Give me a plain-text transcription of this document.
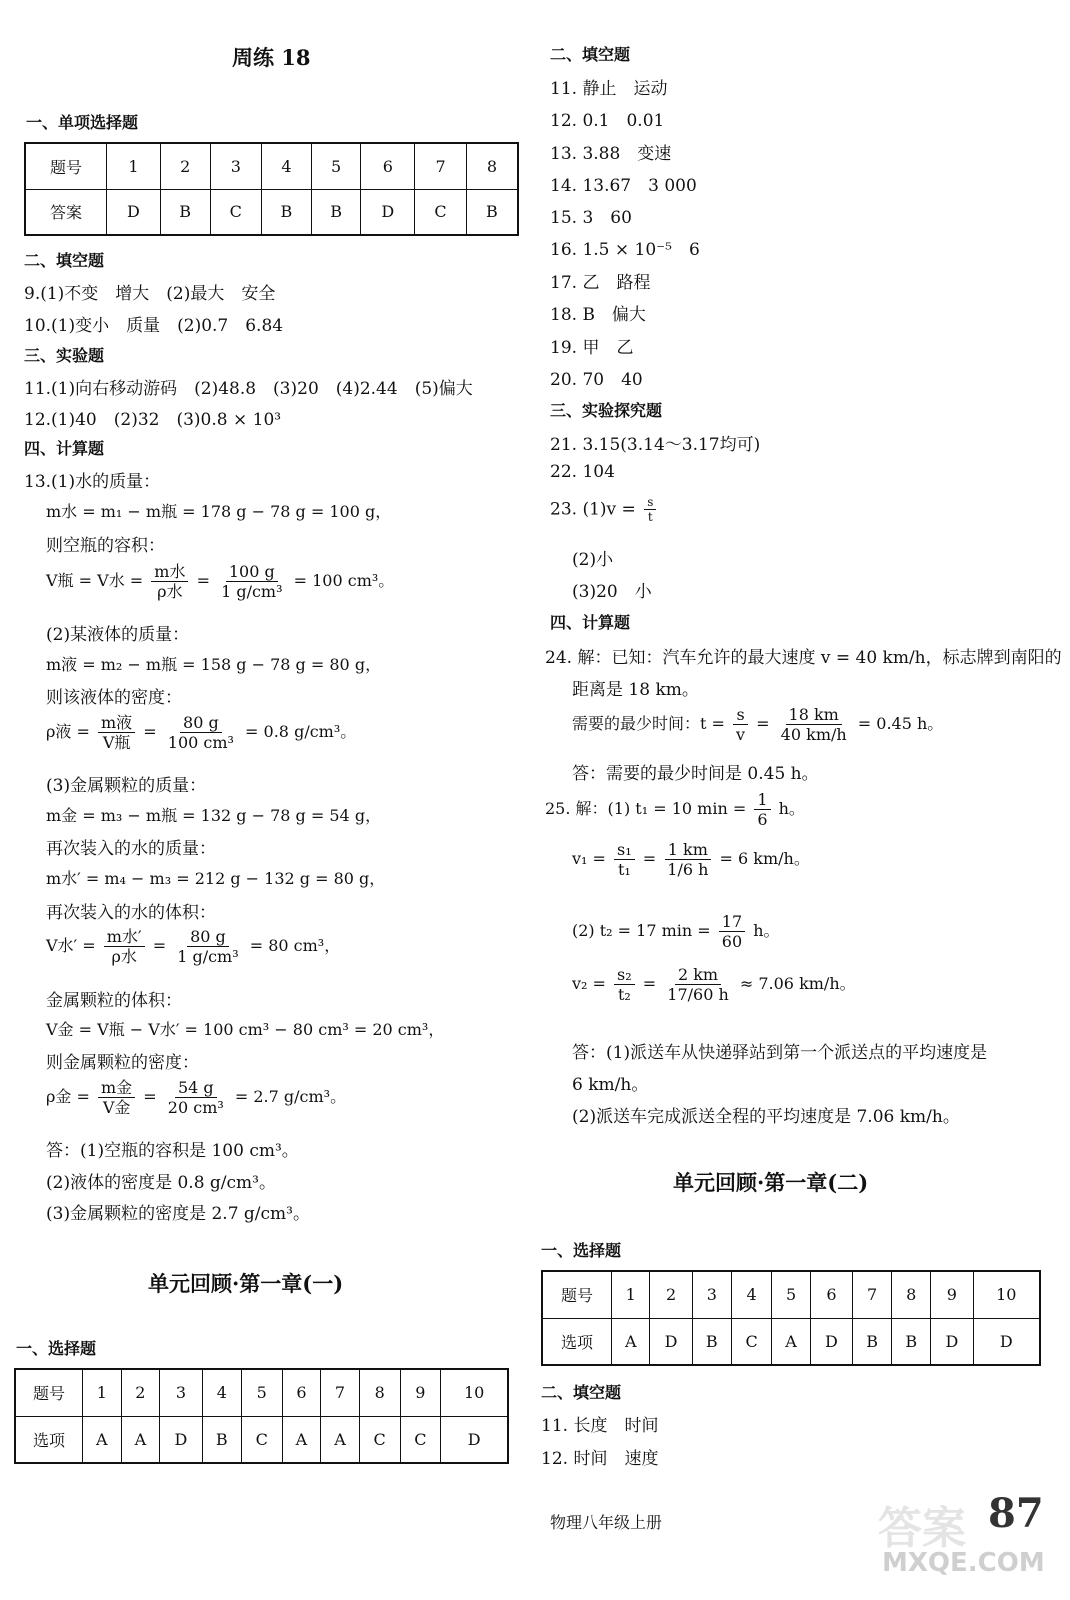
周练 18
一、单项选择题
题号	1	2	3	4	5	6	7	8
答案	D	B	C	B	B	D	C	B
二、填空题
9.(1)不变　增大　(2)最大　安全
10.(1)变小　质量　(2)0.7　6.84
三、实验题
11.(1)向右移动游码　(2)48.8　(3)20　(4)2.44　(5)偏大
12.(1)40　(2)32　(3)0.8 × 10³
四、计算题
13.(1)水的质量：
m水 = m₁ − m瓶 = 178 g − 78 g = 100 g，
则空瓶的容积：
V瓶 = V水 = $\frac{\text{m水}}{\text{ρ水}} = \frac{100 g}{\text{1 g/cm³}} = 100$ cm³。
(2)某液体的质量：
m液 = m₂ − m瓶 = 158 g − 78 g = 80 g，
则该液体的密度：
ρ液 = $\frac{\text{m液}}{\text{V瓶}} = \frac{80 g}{\text{100 cm³}} = 0.8$ g/cm³。
(3)金属颗粒的质量：
m金 = m₃ − m瓶 = 132 g − 78 g = 54 g，
再次装入的水的质量：
m水′ = m₄ − m₃ = 212 g − 132 g = 80 g，
再次装入的水的体积：
V水′ = $\frac{\text{m水′}}{\text{ρ水}} = \frac{80 g}{\text{1 g/cm³}} = 80$ cm³，
金属颗粒的体积：
V金 = V瓶 − V水′ = 100 cm³ − 80 cm³ = 20 cm³，
则金属颗粒的密度：
ρ金 = $\frac{\text{m金}}{\text{V金}} = \frac{54 g}{\text{20 cm³}} = 2.7$ g/cm³。
答：(1)空瓶的容积是 100 cm³。
(2)液体的密度是 0.8 g/cm³。
(3)金属颗粒的密度是 2.7 g/cm³。
单元回顾·第一章(一)
一、选择题
题号	1	2	3	4	5	6	7	8	9	10
选项	A	A	D	B	C	A	A	C	C	D
二、填空题
11. 静止　运动
12. 0.1　0.01
13. 3.88　变速
14. 13.67　3 000
15. 3　60
16. 1.5 × 10⁻⁵　6
17. 乙　路程
18. B　偏大
19. 甲　乙
20. 70　40
三、实验探究题
21. 3.15(3.14～3.17均可)
22. 104
23. $(1)v = \frac{s}{t}$
(2)小
(3)20　小
四、计算题
24. 解：已知：汽车允许的最大速度 v = 40 km/h，标志牌到南阳的
距离是 18 km。
需要的最少时间：$t = \frac{s}{v} = \frac{18 km}{40 km/h} = 0.45$ h。
答：需要的最少时间是 0.45 h。
25. 解：(1) t₁ = 10 $\min = \frac{1}{6}$ h。
$v_1 = \frac{\text{s₁}}{\text{t₁}} = \frac{1 km}{1/6 h} = 6$ km/h。
(2) t₂ = 17 $\min = \frac{17}{60}$ h。
$v_2 = \frac{\text{s₂}}{\text{t₂}} = \frac{2 km}{17/60 h} \approx 7.06$ km/h。
答：(1)派送车从快递驿站到第一个派送点的平均速度是
6 km/h。
(2)派送车完成派送全程的平均速度是 7.06 km/h。
单元回顾·第一章(二)
一、选择题
题号	1	2	3	4	5	6	7	8	9	10
选项	A	D	B	C	A	D	B	B	D	D
二、填空题
11. 长度　时间
12. 时间　速度
物理八年级上册	答案
MXQE.COM
87
